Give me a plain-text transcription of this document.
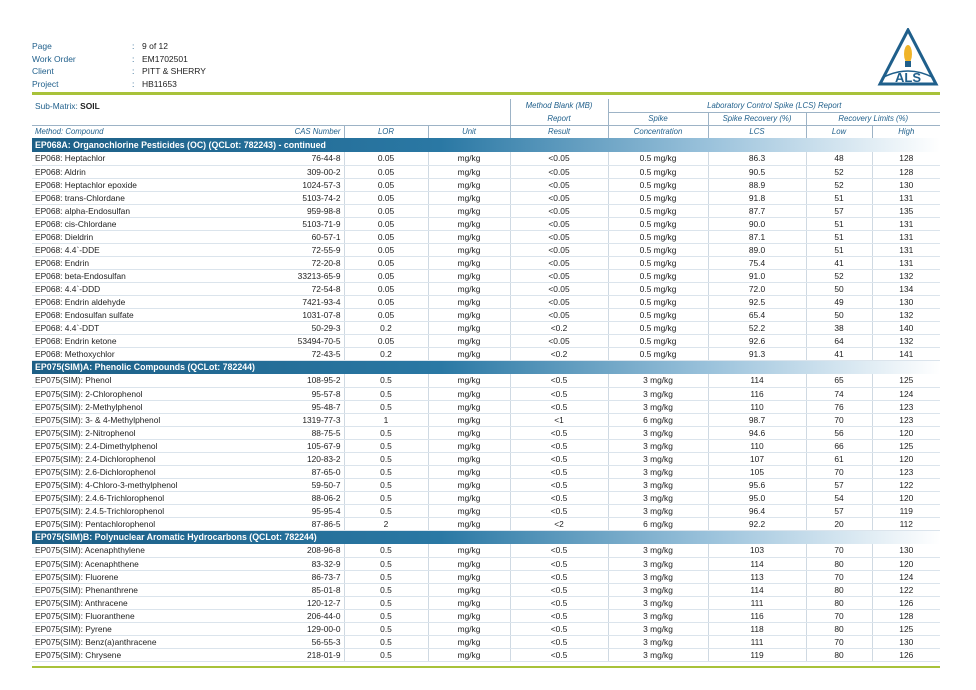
Page	: 9 of 12
Work Order	: EM1702501
Client	: PITT & SHERRY
Project	: HB11653	ALS
Sub-Matrix: SOIL				Method Blank (MB)	Laboratory Control Spike (LCS) Report			
				Report	Spike	Spike Recovery (%)	Recovery Limits (%)	
Method: Compound	CAS Number	LOR	Unit	Result	Concentration	LCS	Low	High
EP068A: Organochlorine Pesticides (OC) (QCLot: 782243) - continued								
EP068: Heptachlor	76-44-8	0.05	mg/kg	<0.05	0.5 mg/kg	86.3	48	128
EP068: Aldrin	309-00-2	0.05	mg/kg	<0.05	0.5 mg/kg	90.5	52	128
EP068: Heptachlor epoxide	1024-57-3	0.05	mg/kg	<0.05	0.5 mg/kg	88.9	52	130
EP068: trans-Chlordane	5103-74-2	0.05	mg/kg	<0.05	0.5 mg/kg	91.8	51	131
EP068: alpha-Endosulfan	959-98-8	0.05	mg/kg	<0.05	0.5 mg/kg	87.7	57	135
EP068: cis-Chlordane	5103-71-9	0.05	mg/kg	<0.05	0.5 mg/kg	90.0	51	131
EP068: Dieldrin	60-57-1	0.05	mg/kg	<0.05	0.5 mg/kg	87.1	51	131
EP068: 4.4`-DDE	72-55-9	0.05	mg/kg	<0.05	0.5 mg/kg	89.0	51	131
EP068: Endrin	72-20-8	0.05	mg/kg	<0.05	0.5 mg/kg	75.4	41	131
EP068: beta-Endosulfan	33213-65-9	0.05	mg/kg	<0.05	0.5 mg/kg	91.0	52	132
EP068: 4.4`-DDD	72-54-8	0.05	mg/kg	<0.05	0.5 mg/kg	72.0	50	134
EP068: Endrin aldehyde	7421-93-4	0.05	mg/kg	<0.05	0.5 mg/kg	92.5	49	130
EP068: Endosulfan sulfate	1031-07-8	0.05	mg/kg	<0.05	0.5 mg/kg	65.4	50	132
EP068: 4.4`-DDT	50-29-3	0.2	mg/kg	<0.2	0.5 mg/kg	52.2	38	140
EP068: Endrin ketone	53494-70-5	0.05	mg/kg	<0.05	0.5 mg/kg	92.6	64	132
EP068: Methoxychlor	72-43-5	0.2	mg/kg	<0.2	0.5 mg/kg	91.3	41	141
EP075(SIM)A: Phenolic Compounds (QCLot: 782244)								
EP075(SIM): Phenol	108-95-2	0.5	mg/kg	<0.5	3 mg/kg	114	65	125
EP075(SIM): 2-Chlorophenol	95-57-8	0.5	mg/kg	<0.5	3 mg/kg	116	74	124
EP075(SIM): 2-Methylphenol	95-48-7	0.5	mg/kg	<0.5	3 mg/kg	110	76	123
EP075(SIM): 3- & 4-Methylphenol	1319-77-3	1	mg/kg	<1	6 mg/kg	98.7	70	123
EP075(SIM): 2-Nitrophenol	88-75-5	0.5	mg/kg	<0.5	3 mg/kg	94.6	56	120
EP075(SIM): 2.4-Dimethylphenol	105-67-9	0.5	mg/kg	<0.5	3 mg/kg	110	66	125
EP075(SIM): 2.4-Dichlorophenol	120-83-2	0.5	mg/kg	<0.5	3 mg/kg	107	61	120
EP075(SIM): 2.6-Dichlorophenol	87-65-0	0.5	mg/kg	<0.5	3 mg/kg	105	70	123
EP075(SIM): 4-Chloro-3-methylphenol	59-50-7	0.5	mg/kg	<0.5	3 mg/kg	95.6	57	122
EP075(SIM): 2.4.6-Trichlorophenol	88-06-2	0.5	mg/kg	<0.5	3 mg/kg	95.0	54	120
EP075(SIM): 2.4.5-Trichlorophenol	95-95-4	0.5	mg/kg	<0.5	3 mg/kg	96.4	57	119
EP075(SIM): Pentachlorophenol	87-86-5	2	mg/kg	<2	6 mg/kg	92.2	20	112
EP075(SIM)B: Polynuclear Aromatic Hydrocarbons (QCLot: 782244)								
EP075(SIM): Acenaphthylene	208-96-8	0.5	mg/kg	<0.5	3 mg/kg	103	70	130
EP075(SIM): Acenaphthene	83-32-9	0.5	mg/kg	<0.5	3 mg/kg	114	80	120
EP075(SIM): Fluorene	86-73-7	0.5	mg/kg	<0.5	3 mg/kg	113	70	124
EP075(SIM): Phenanthrene	85-01-8	0.5	mg/kg	<0.5	3 mg/kg	114	80	122
EP075(SIM): Anthracene	120-12-7	0.5	mg/kg	<0.5	3 mg/kg	111	80	126
EP075(SIM): Fluoranthene	206-44-0	0.5	mg/kg	<0.5	3 mg/kg	116	70	128
EP075(SIM): Pyrene	129-00-0	0.5	mg/kg	<0.5	3 mg/kg	118	80	125
EP075(SIM): Benz(a)anthracene	56-55-3	0.5	mg/kg	<0.5	3 mg/kg	111	70	130
EP075(SIM): Chrysene	218-01-9	0.5	mg/kg	<0.5	3 mg/kg	119	80	126
